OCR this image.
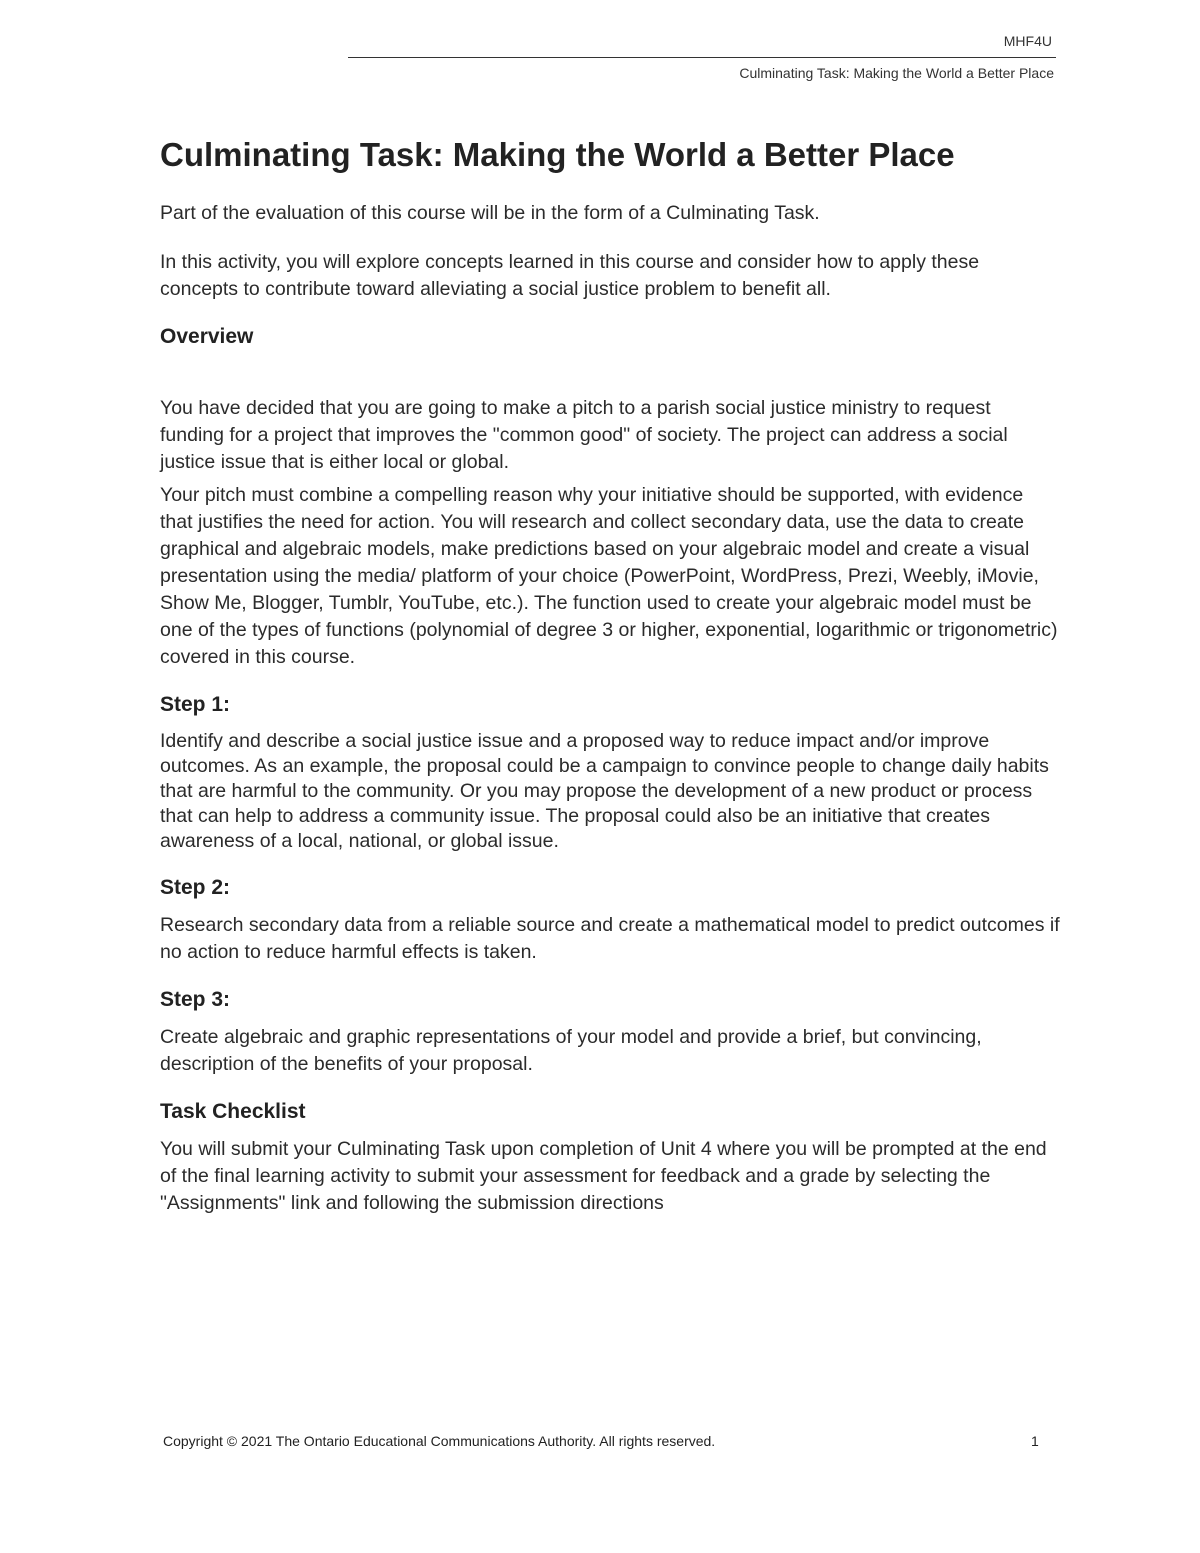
MHF4U
Culminating Task: Making the World a Better Place
Culminating Task: Making the World a Better Place

Part of the evaluation of this course will be in the form of a Culminating Task.

In this activity, you will explore concepts learned in this course and consider how to apply these concepts to contribute toward alleviating a social justice problem to benefit all.

Overview

You have decided that you are going to make a pitch to a parish social justice ministry to request funding for a project that improves the "common good" of society. The project can address a social justice issue that is either local or global.

Your pitch must combine a compelling reason why your initiative should be supported, with evidence that justifies the need for action. You will research and collect secondary data, use the data to create graphical and algebraic models, make predictions based on your algebraic model and create a visual presentation using the media/ platform of your choice (PowerPoint, WordPress, Prezi, Weebly, iMovie, Show Me, Blogger, Tumblr, YouTube, etc.). The function used to create your algebraic model must be one of the types of functions (polynomial of degree 3 or higher, exponential, logarithmic or trigonometric) covered in this course.

Step 1:

Identify and describe a social justice issue and a proposed way to reduce impact and/or improve outcomes. As an example, the proposal could be a campaign to convince people to change daily habits that are harmful to the community. Or you may propose the development of a new product or process that can help to address a community issue. The proposal could also be an initiative that creates awareness of a local, national, or global issue.

Step 2:

Research secondary data from a reliable source and create a mathematical model to predict outcomes if no action to reduce harmful effects is taken.

Step 3:

Create algebraic and graphic representations of your model and provide a brief, but convincing, description of the benefits of your proposal.

Task Checklist

You will submit your Culminating Task upon completion of Unit 4 where you will be prompted at the end of the final learning activity to submit your assessment for feedback and a grade by selecting the "Assignments" link and following the submission directions

Copyright © 2021 The Ontario Educational Communications Authority. All rights reserved.	1
